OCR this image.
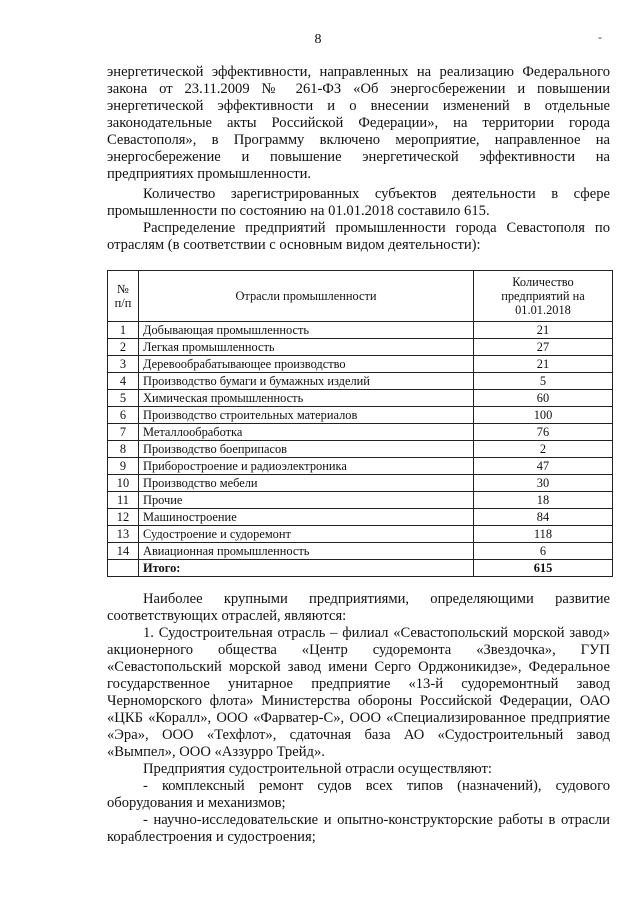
8	-

энергетической эффективности, направленных на реализацию Федерального закона от 23.11.2009 № 261-ФЗ «Об энергосбережении и повышении энергетической эффективности и о внесении изменений в отдельные законодательные акты Российской Федерации», на территории города Севастополя», в Программу включено мероприятие, направленное на энергосбережение и повышение энергетической эффективности на предприятиях промышленности.

Количество зарегистрированных субъектов деятельности в сфере промышленности по состоянию на 01.01.2018 составило 615.

Распределение предприятий промышленности города Севастополя по отраслям (в соответствии с основным видом деятельности):

№ п/п	Отрасли промышленности	Количество предприятий на 01.01.2018
1	Добывающая промышленность	21
2	Легкая промышленность	27
3	Деревообрабатывающее производство	21
4	Производство бумаги и бумажных изделий	5
5	Химическая промышленность	60
6	Производство строительных материалов	100
7	Металлообработка	76
8	Производство боеприпасов	2
9	Приборостроение и радиоэлектроника	47
10	Производство мебели	30
11	Прочие	18
12	Машиностроение	84
13	Судостроение и судоремонт	118
14	Авиационная промышленность	6
	Итого:	615

Наиболее крупными предприятиями, определяющими развитие соответствующих отраслей, являются:

1. Судостроительная отрасль – филиал «Севастопольский морской завод» акционерного общества «Центр судоремонта «Звездочка», ГУП «Севастопольский морской завод имени Серго Орджоникидзе», Федеральное государственное унитарное предприятие «13-й судоремонтный завод Черноморского флота» Министерства обороны Российской Федерации, ОАО «ЦКБ «Коралл», ООО «Фарватер-С», ООО «Специализированное предприятие «Эра», ООО «Техфлот», сдаточная база АО «Судостроительный завод «Вымпел», ООО «Аззурро Трейд».

Предприятия судостроительной отрасли осуществляют:

- комплексный ремонт судов всех типов (назначений), судового оборудования и механизмов;

- научно-исследовательские и опытно-конструкторские работы в отрасли кораблестроения и судостроения;
